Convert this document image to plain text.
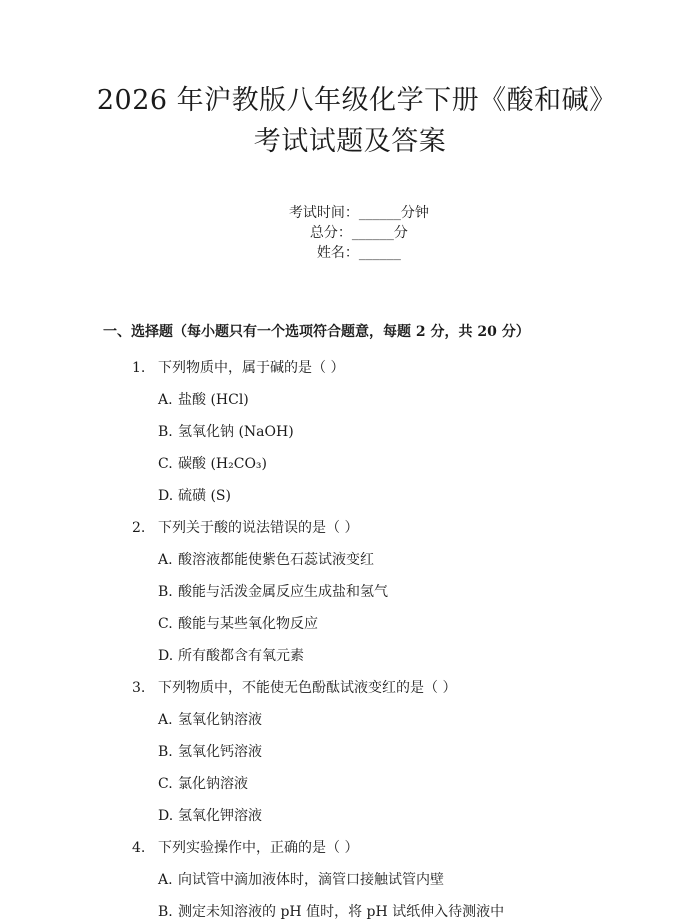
2026 年沪教版八年级化学下册《酸和碱》考试试题及答案

考试时间：______分钟
总分：______分
姓名：______

一、选择题（每小题只有一个选项符合题意，每题 2 分，共 20 分）
1. 下列物质中，属于碱的是（ ）
A. 盐酸 (HCl)
B. 氢氧化钠 (NaOH)
C. 碳酸 (H₂CO₃)
D. 硫磺 (S)
2. 下列关于酸的说法错误的是（ ）
A. 酸溶液都能使紫色石蕊试液变红
B. 酸能与活泼金属反应生成盐和氢气
C. 酸能与某些氧化物反应
D. 所有酸都含有氧元素
3. 下列物质中，不能使无色酚酞试液变红的是（ ）
A. 氢氧化钠溶液
B. 氢氧化钙溶液
C. 氯化钠溶液
D. 氢氧化钾溶液
4. 下列实验操作中，正确的是（ ）
A. 向试管中滴加液体时，滴管口接触试管内壁
B. 测定未知溶液的 pH 值时，将 pH 试纸伸入待测液中
